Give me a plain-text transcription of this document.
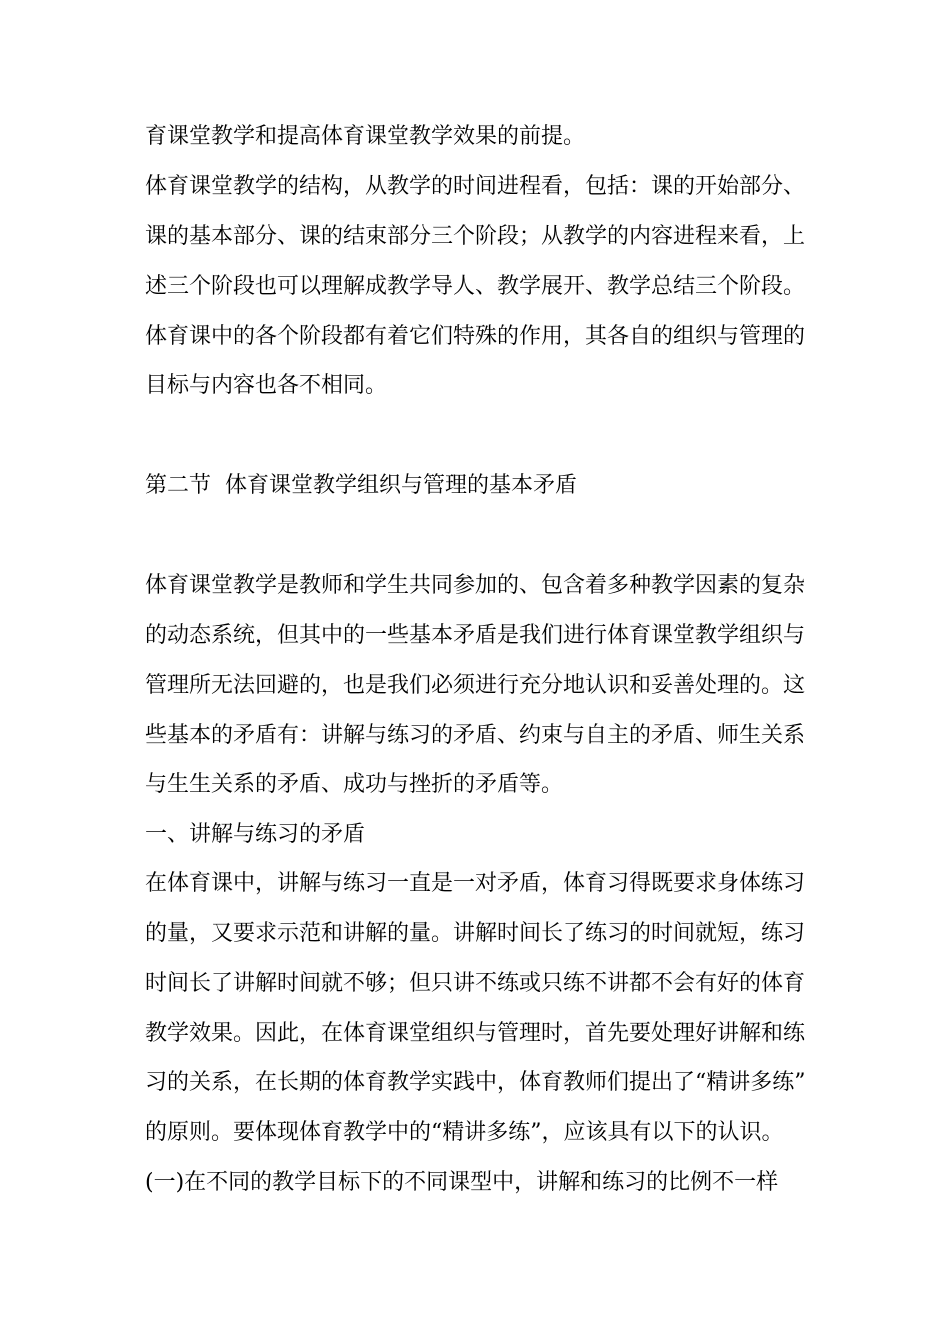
育课堂教学和提高体育课堂教学效果的前提。
体育课堂教学的结构，从教学的时间进程看，包括：课的开始部分、
课的基本部分、课的结束部分三个阶段；从教学的内容进程来看，上
述三个阶段也可以理解成教学导人、教学展开、教学总结三个阶段。
体育课中的各个阶段都有着它们特殊的作用，其各自的组织与管理的
目标与内容也各不相同。
第二节  体育课堂教学组织与管理的基本矛盾
体育课堂教学是教师和学生共同参加的、包含着多种教学因素的复杂
的动态系统，但其中的一些基本矛盾是我们进行体育课堂教学组织与
管理所无法回避的，也是我们必须进行充分地认识和妥善处理的。这
些基本的矛盾有：讲解与练习的矛盾、约束与自主的矛盾、师生关系
与生生关系的矛盾、成功与挫折的矛盾等。
一、讲解与练习的矛盾
在体育课中，讲解与练习一直是一对矛盾，体育习得既要求身体练习
的量，又要求示范和讲解的量。讲解时间长了练习的时间就短，练习
时间长了讲解时间就不够；但只讲不练或只练不讲都不会有好的体育
教学效果。因此，在体育课堂组织与管理时，首先要处理好讲解和练
习的关系，在长期的体育教学实践中，体育教师们提出了“精讲多练”
的原则。要体现体育教学中的“精讲多练”，应该具有以下的认识。
(一)在不同的教学目标下的不同课型中，讲解和练习的比例不一样
